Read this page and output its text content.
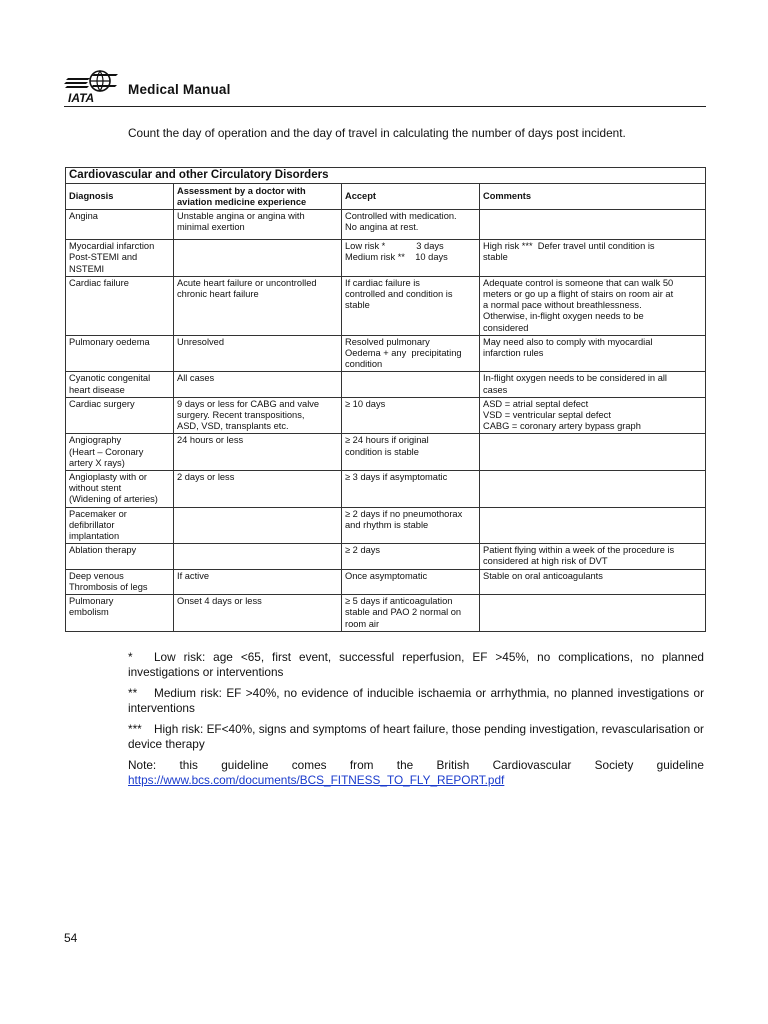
IATA
Medical Manual
Count the day of operation and the day of travel in calculating the number of days post incident.
Cardiovascular and other Circulatory Disorders			
Diagnosis	Assessment by a doctor with
aviation medicine experience	Accept	Comments

Angina	Unstable angina or angina with
minimal exertion	Controlled with medication.
No angina at rest.	

Myocardial infarction
Post-STEMI and
NSTEMI		Low risk *            3 days
Medium risk **    10 days	High risk ***  Defer travel until condition is
stable

Cardiac failure	Acute heart failure or uncontrolled
chronic heart failure	If cardiac failure is
controlled and condition is
stable	Adequate control is someone that can walk 50
meters or go up a flight of stairs on room air at
a normal pace without breathlessness.
Otherwise, in-flight oxygen needs to be
considered

Pulmonary oedema	Unresolved	Resolved pulmonary
Oedema + any  precipitating
condition	May need also to comply with myocardial
infarction rules

Cyanotic congenital
heart disease	All cases		In-flight oxygen needs to be considered in all
cases

Cardiac surgery	9 days or less for CABG and valve
surgery. Recent transpositions,
ASD, VSD, transplants etc.	≥ 10 days	ASD = atrial septal defect
VSD = ventricular septal defect
CABG = coronary artery bypass graph

Angiography
(Heart – Coronary
artery X rays)	24 hours or less	≥ 24 hours if original
condition is stable	

Angioplasty with or
without stent
(Widening of arteries)	2 days or less	≥ 3 days if asymptomatic	

Pacemaker or
defibrillator
implantation		≥ 2 days if no pneumothorax
and rhythm is stable	

Ablation therapy		≥ 2 days	Patient flying within a week of the procedure is
considered at high risk of DVT

Deep venous
Thrombosis of legs	If active	Once asymptomatic	Stable on oral anticoagulants

Pulmonary
embolism	Onset 4 days or less	≥ 5 days if anticoagulation
stable and PAO 2 normal on
room air	

* Low risk: age <65, first event, successful reperfusion, EF >45%, no complications, no planned investigations or interventions

** Medium risk: EF >40%, no evidence of inducible ischaemia or arrhythmia, no planned investigations or interventions

*** High risk: EF<40%, signs and symptoms of heart failure, those pending investigation, revascularisation or device therapy

Note: this guideline comes from the British Cardiovascular Society guideline
https://www.bcs.com/documents/BCS_FITNESS_TO_FLY_REPORT.pdf
54
